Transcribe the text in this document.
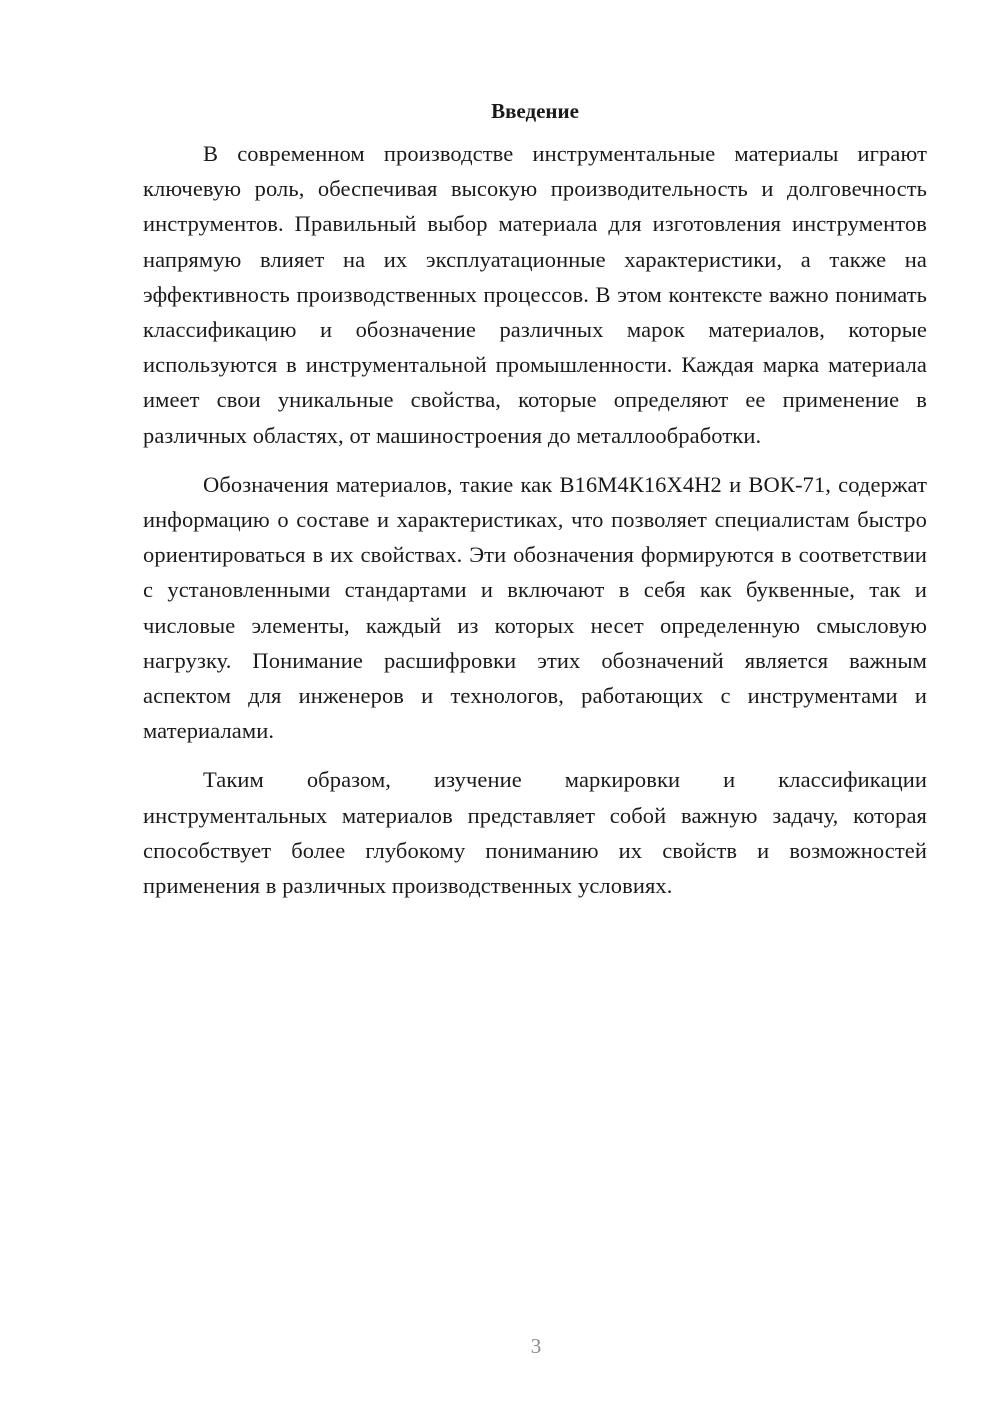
Введение

В современном производстве инструментальные материалы играют ключевую роль, обеспечивая высокую производительность и долговечность инструментов. Правильный выбор материала для изготовления инструментов напрямую влияет на их эксплуатационные характеристики, а также на эффективность производственных процессов. В этом контексте важно понимать классификацию и обозначение различных марок материалов, которые используются в инструментальной промышленности. Каждая марка материала имеет свои уникальные свойства, которые определяют ее применение в различных областях, от машиностроения до металлообработки.

Обозначения материалов, такие как В16М4К16Х4Н2 и ВОК-71, содержат информацию о составе и характеристиках, что позволяет специалистам быстро ориентироваться в их свойствах. Эти обозначения формируются в соответствии с установленными стандартами и включают в себя как буквенные, так и числовые элементы, каждый из которых несет определенную смысловую нагрузку. Понимание расшифровки этих обозначений является важным аспектом для инженеров и технологов, работающих с инструментами и материалами.

Таким образом, изучение маркировки и классификации инструментальных материалов представляет собой важную задачу, которая способствует более глубокому пониманию их свойств и возможностей применения в различных производственных условиях.

3
